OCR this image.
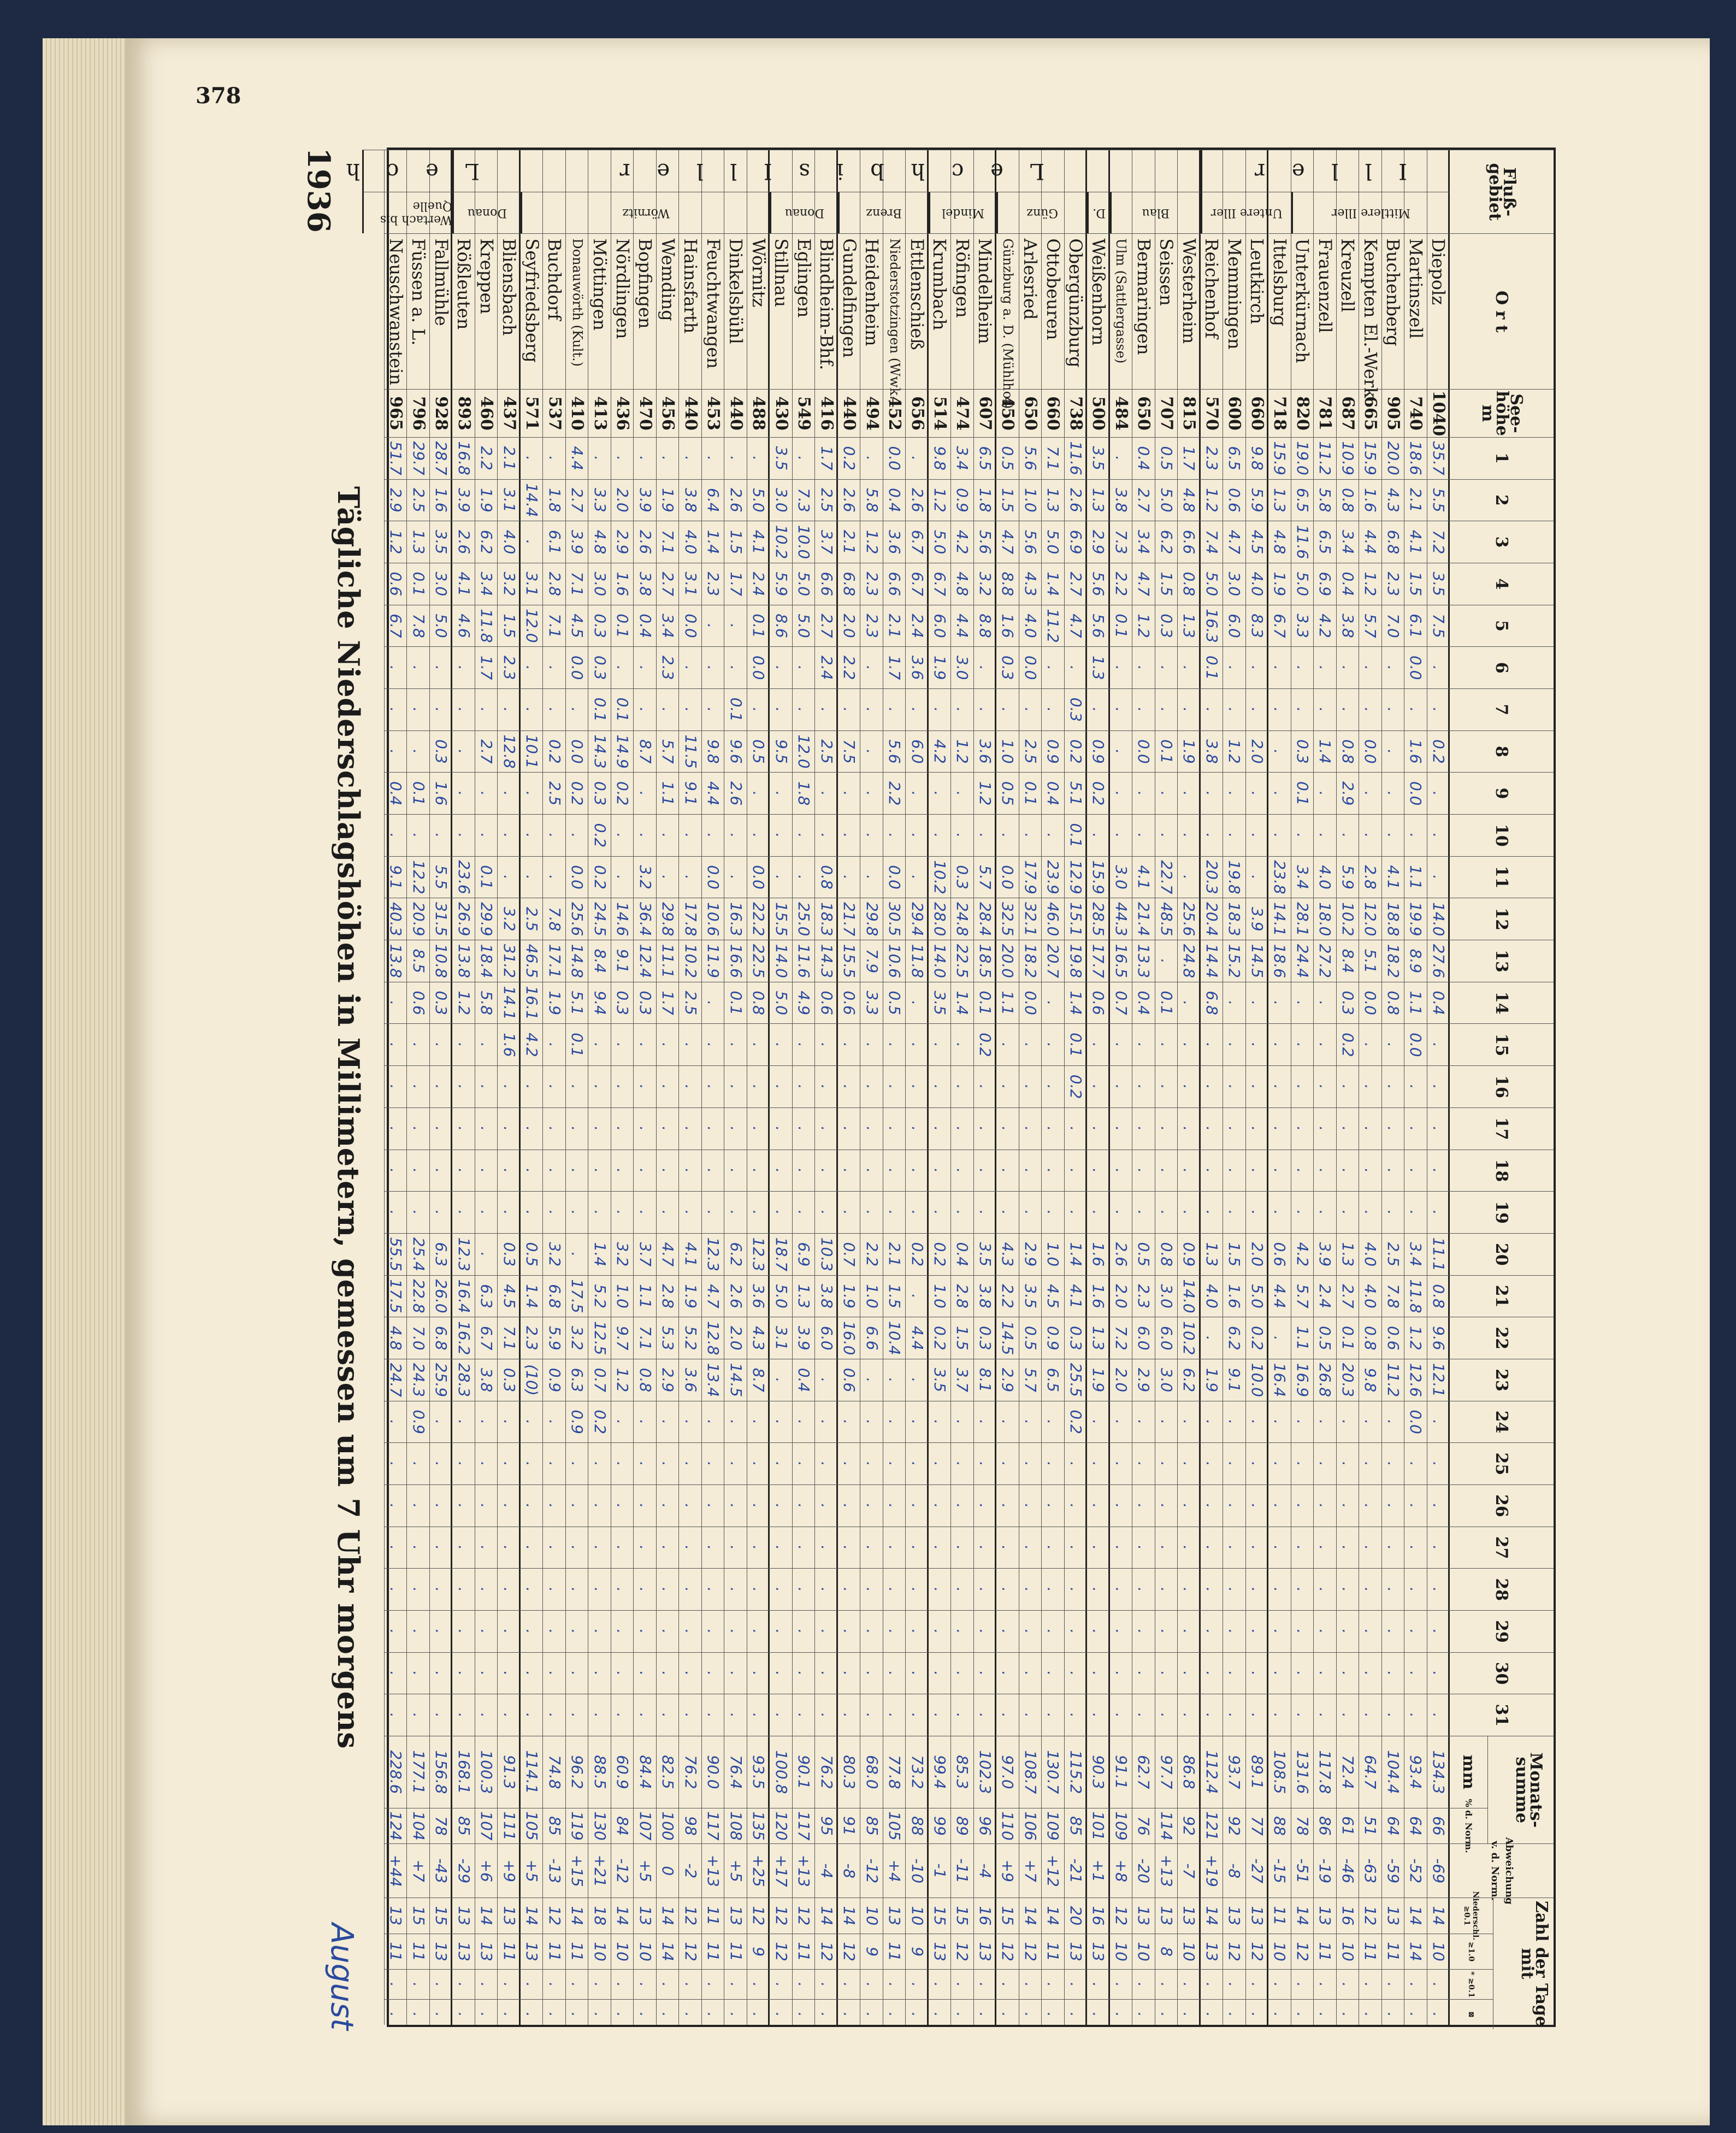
378
1936
Tägliche Niederschlagshöhen in Millimetern, gemessen um 7 Uhr morgens
August
Fluß- gebiet
O r t
See- höhe m
1
2
3
4
5
6
7
8
9
10
11
12
13
14
15
16
17
18
19
20
21
22
23
24
25
26
27
28
29
30
31
Monats- summe
mm
% d. Norm.
Abweichung v. d. Norm.
Zahl der Tage mit
Niederschl. ≥0.1
≥1.0
* ≥0.1
⊠
Diepolz
1040
35.7
5.5
7.2
3.5
7.5
.
.
0.2
.
.
.
14.0
27.6
0.4
.
.
.
.
.
11.1
0.8
9.6
12.1
.
.
.
.
.
.
.
.
134.3
66
-69
14
10
.
.
Martinszell
740
18.6
2.1
4.1
1.5
6.1
0.0
.
1.6
0.0
.
1.1
19.9
8.9
1.1
0.0
.
.
.
.
3.4
11.8
1.2
12.6
0.0
.
.
.
.
.
.
.
93.4
64
-52
14
14
.
.
Buchenberg
905
20.0
4.3
6.8
2.3
7.0
.
.
.
.
.
4.1
18.8
18.2
0.8
.
.
.
.
.
2.5
7.8
0.6
11.2
.
.
.
.
.
.
.
.
104.4
64
-59
13
11
.
.
Kempten El.-Werk
665
15.9
1.6
4.4
1.2
5.7
.
.
0.0
.
.
2.8
12.0
5.1
0.0
.
.
.
.
.
4.0
4.0
0.8
9.8
.
.
.
.
.
.
.
.
64.7
51
-63
12
11
.
.
Kreuzell
687
10.9
0.8
3.4
0.4
3.8
.
.
0.8
2.9
.
5.9
10.2
8.4
0.3
0.2
.
.
.
.
1.3
2.7
0.1
20.3
.
.
.
.
.
.
.
.
72.4
61
-46
16
10
.
.
Frauenzell
781
11.2
5.8
6.5
6.9
4.2
.
.
1.4
.
.
4.0
18.0
27.2
.
.
.
.
.
.
3.9
2.4
0.5
26.8
.
.
.
.
.
.
.
.
117.8
86
-19
13
11
.
.
Unterkürnach
820
19.0
6.5
11.6
5.0
3.3
.
.
0.3
0.1
.
3.4
28.1
24.4
.
.
.
.
.
.
4.2
5.7
1.1
16.9
.
.
.
.
.
.
.
.
131.6
78
-51
14
12
.
.
Ittelsburg
718
15.9
1.3
4.8
1.9
6.7
.
.
.
.
.
23.8
14.1
18.6
.
.
.
.
.
.
0.6
4.4
.
16.4
.
.
.
.
.
.
.
.
108.5
88
-15
11
10
.
.
Leutkirch
660
9.8
5.9
4.5
4.0
8.3
.
.
2.0
.
.
.
3.9
14.5
.
.
.
.
.
.
2.0
5.0
0.2
10.0
.
.
.
.
.
.
.
.
89.1
77
-27
13
12
.
.
Memmingen
600
6.5
0.6
4.7
3.0
6.0
.
.
1.2
.
.
19.8
18.3
15.2
.
.
.
.
.
.
1.5
1.6
6.2
9.1
.
.
.
.
.
.
.
.
93.7
92
-8
13
12
.
.
Reichenhof
570
2.3
1.2
7.4
5.0
16.3
0.1
.
3.8
.
.
20.3
20.4
14.4
6.8
.
.
.
.
.
1.3
4.0
.
1.9
.
.
.
.
.
.
.
.
112.4
121
+19
14
13
.
.
Westerheim
815
1.7
4.8
6.6
0.8
1.3
.
.
1.9
.
.
.
25.6
24.8
.
.
.
.
.
.
0.9
14.0
10.2
6.2
.
.
.
.
.
.
.
.
86.8
92
-7
13
10
.
.
Seissen
707
0.5
5.0
6.2
1.5
0.3
.
.
0.1
.
.
22.7
48.5
.
0.1
.
.
.
.
.
0.8
3.0
6.0
3.0
.
.
.
.
.
.
.
.
97.7
114
+13
13
8
.
.
Bermaringen
650
0.4
2.7
3.4
4.7
1.2
.
.
0.0
.
.
4.1
21.4
13.3
0.4
.
.
.
.
.
0.5
2.3
6.0
2.9
.
.
.
.
.
.
.
.
62.7
76
-20
13
10
.
.
Ulm (Sattlergasse)
484
.
3.8
7.3
2.2
0.1
.
.
.
.
.
3.0
44.3
16.5
0.7
.
.
.
.
.
2.6
2.0
7.2
2.0
.
.
.
.
.
.
.
.
91.1
109
+8
12
10
.
.
Weißenhorn
500
3.5
1.3
2.9
5.6
5.6
1.3
.
0.9
0.2
.
15.9
28.5
17.7
0.6
.
.
.
.
.
1.6
1.6
1.3
1.9
.
.
.
.
.
.
.
.
90.3
101
+1
16
13
.
.
Obergünzburg
738
11.6
2.6
6.9
2.7
4.7
.
0.3
0.2
5.1
0.1
12.9
15.1
19.8
1.4
0.1
0.2
.
.
.
1.4
4.1
0.3
25.5
0.2
.
.
.
.
.
.
.
115.2
85
-21
20
13
.
.
Ottobeuren
660
7.1
1.3
5.0
1.4
11.2
.
.
0.9
0.4
.
23.9
46.0
20.7
.
.
.
.
.
.
1.0
4.5
0.9
6.5
.
.
.
.
.
.
.
.
130.7
109
+12
14
11
.
.
Arlesried
650
5.6
1.0
5.6
4.3
4.0
0.0
.
2.5
0.1
.
17.9
32.1
18.2
0.0
.
.
.
.
.
2.9
3.5
0.5
5.7
.
.
.
.
.
.
.
.
108.7
106
+7
14
12
.
.
Günzburg a. D. (Mühlhof)
450
0.5
1.5
4.7
8.8
1.6
0.3
.
1.0
0.5
.
0.0
32.5
20.0
1.1
.
.
.
.
.
4.3
2.2
14.5
2.9
.
.
.
.
.
.
.
.
97.0
110
+9
15
12
.
.
Mindelheim
607
6.5
1.8
5.6
3.2
8.8
.
.
3.6
1.2
.
5.7
28.4
18.5
0.1
0.2
.
.
.
.
3.5
3.8
0.3
8.1
.
.
.
.
.
.
.
.
102.3
96
-4
16
13
.
.
Röfingen
474
3.4
0.9
4.2
4.8
4.4
3.0
.
1.2
.
.
0.3
24.8
22.5
1.4
.
.
.
.
.
0.4
2.8
1.5
3.7
.
.
.
.
.
.
.
.
85.3
89
-11
15
12
.
.
Krumbach
514
9.8
1.2
5.0
6.7
6.0
1.9
.
4.2
.
.
10.2
28.0
14.0
3.5
.
.
.
.
.
0.2
1.0
0.2
3.5
.
.
.
.
.
.
.
.
99.4
99
-1
15
13
.
.
Ettlenschieß
656
.
2.6
6.7
6.7
2.4
3.6
.
6.0
.
.
.
29.4
11.8
.
.
.
.
.
.
0.2
.
4.4
.
.
.
.
.
.
.
.
.
73.2
88
-10
10
9
.
.
Niederstotzingen (Wwk.)
452
0.0
0.4
3.6
6.6
2.1
1.7
.
5.6
2.2
.
0.0
30.5
10.6
0.5
.
.
.
.
.
2.1
1.5
10.4
.
.
.
.
.
.
.
.
.
77.8
105
+4
13
11
.
.
Heidenheim
494
.
5.8
1.2
2.3
2.3
.
.
.
.
.
.
29.8
7.9
3.3
.
.
.
.
.
2.2
1.0
6.6
.
.
.
.
.
.
.
.
.
68.0
85
-12
10
9
.
.
Gundelfingen
440
0.2
2.6
2.1
6.8
2.0
2.2
.
7.5
.
.
.
21.7
15.5
0.6
.
.
.
.
.
0.7
1.9
16.0
0.6
.
.
.
.
.
.
.
.
80.3
91
-8
14
12
.
.
Blindheim-Bhf.
416
1.7
2.5
3.7
6.6
2.7
2.4
.
2.5
.
.
0.8
18.3
14.3
0.6
.
.
.
.
.
10.3
3.8
6.0
.
.
.
.
.
.
.
.
.
76.2
95
-4
14
12
.
.
Eglingen
549
.
7.3
10.0
5.0
5.0
.
.
12.0
1.8
.
.
25.0
11.6
4.9
.
.
.
.
.
6.9
1.3
3.9
0.4
.
.
.
.
.
.
.
.
90.1
117
+13
12
11
.
.
Stillnau
430
3.5
3.0
10.2
5.9
8.6
.
.
9.5
.
.
.
15.5
14.0
5.0
.
.
.
.
.
18.7
5.0
3.1
.
.
.
.
.
.
.
.
.
100.8
120
+17
12
12
.
.
Wörnitz
488
.
5.0
4.1
2.4
0.1
0.0
.
0.5
.
.
0.0
22.2
22.5
0.8
.
.
.
.
.
12.3
3.6
4.3
8.7
.
.
.
.
.
.
.
.
93.5
135
+25
12
9
.
.
Dinkelsbühl
440
.
2.6
1.5
1.7
.
.
0.1
9.6
2.6
.
.
16.3
16.6
0.1
.
.
.
.
.
6.2
2.6
2.0
14.5
.
.
.
.
.
.
.
.
76.4
108
+5
13
11
.
.
Feuchtwangen
453
.
6.4
1.4
2.3
.
.
.
9.8
4.4
.
0.0
10.6
11.9
.
.
.
.
.
.
12.3
4.7
12.8
13.4
.
.
.
.
.
.
.
.
90.0
117
+13
11
11
.
.
Hainsfarth
440
.
3.8
4.0
3.1
0.0
.
.
11.5
9.1
.
.
17.8
10.2
2.5
.
.
.
.
.
4.1
1.9
5.2
3.6
.
.
.
.
.
.
.
.
76.2
98
-2
12
12
.
.
Wemding
456
.
1.9
7.1
2.7
3.4
2.3
.
5.7
1.1
.
.
29.8
11.1
1.7
.
.
.
.
.
4.7
2.8
5.3
2.9
.
.
.
.
.
.
.
.
82.5
100
0
14
14
.
.
Bopfingen
470
.
3.9
2.6
3.8
0.4
.
.
8.7
.
.
3.2
36.4
12.4
0.3
.
.
.
.
.
3.7
1.1
7.1
0.8
.
.
.
.
.
.
.
.
84.4
107
+5
13
10
.
.
Nördlingen
436
.
2.0
2.9
1.6
0.1
.
0.1
14.9
0.2
.
.
14.6
9.1
0.3
.
.
.
.
.
3.2
1.0
9.7
1.2
.
.
.
.
.
.
.
.
60.9
84
-12
14
10
.
.
Möttingen
413
.
3.3
4.8
3.0
0.3
0.3
0.1
14.3
0.3
0.2
0.2
24.5
8.4
9.4
.
.
.
.
.
1.4
5.2
12.5
0.7
0.2
.
.
.
.
.
.
.
88.5
130
+21
18
10
.
.
Donauwörth (Kult.)
410
4.4
2.7
3.9
7.1
4.5
0.0
.
0.0
0.2
.
0.0
25.6
14.8
5.1
0.1
.
.
.
.
.
17.5
3.2
6.3
0.9
.
.
.
.
.
.
.
96.2
119
+15
14
11
.
.
Buchdorf
537
.
1.8
6.1
2.8
7.1
.
.
0.2
2.5
.
.
7.8
17.1
1.9
.
.
.
.
.
3.2
6.8
5.9
0.9
.
.
.
.
.
.
.
.
74.8
85
-13
12
11
.
.
Seyfriedsberg
571
.
14.4
.
3.1
12.0
.
.
10.1
.
.
.
2.5
46.5
16.1
4.2
.
.
.
.
0.5
1.4
2.3
(10)
.
.
.
.
.
.
.
.
114.1
105
+5
14
13
.
.
Bliensbach
437
2.1
3.1
4.0
3.2
1.5
2.3
.
12.8
.
.
.
3.2
31.2
14.1
1.6
.
.
.
.
0.3
4.5
7.1
0.3
.
.
.
.
.
.
.
.
91.3
111
+9
13
11
.
.
Kreppen
460
2.2
1.9
6.2
3.4
11.8
1.7
.
2.7
.
.
0.1
29.9
18.4
5.8
.
.
.
.
.
.
6.3
6.7
3.8
.
.
.
.
.
.
.
.
100.3
107
+6
14
13
.
.
Rößleuten
893
16.8
3.9
2.6
4.1
4.6
.
.
.
.
.
23.6
26.9
13.8
1.2
.
.
.
.
.
12.3
16.4
16.2
28.3
.
.
.
.
.
.
.
.
168.1
85
-29
13
13
.
.
Fallmühle
928
28.7
1.6
3.5
3.0
5.0
.
.
0.3
1.6
.
5.5
31.5
10.8
0.3
.
.
.
.
.
6.3
26.0
6.8
25.9
.
.
.
.
.
.
.
.
156.8
78
-43
15
13
.
.
Füssen a. L.
796
29.7
2.5
1.3
0.1
7.8
.
.
.
0.1
.
12.2
20.9
8.5
0.6
.
.
.
.
.
25.4
22.8
7.0
24.3
0.9
.
.
.
.
.
.
.
177.1
104
+7
15
11
.
.
Neuschwanstein
965
51.7
2.9
1.2
0.6
6.7
.
.
.
0.4
.
9.1
40.3
13.8
.
.
.
.
.
.
55.5
17.5
4.8
24.7
.
.
.
.
.
.
.
.
228.6
124
+44
13
11
.
.
I l l e r
L e c h b i s I l l e r
L e c h
Mittlere Iller
Untere Iller
Blau
D.
Günz
Mindel
Brenz
Donau
Wörnitz
Donau
Wertach bis Quelle
